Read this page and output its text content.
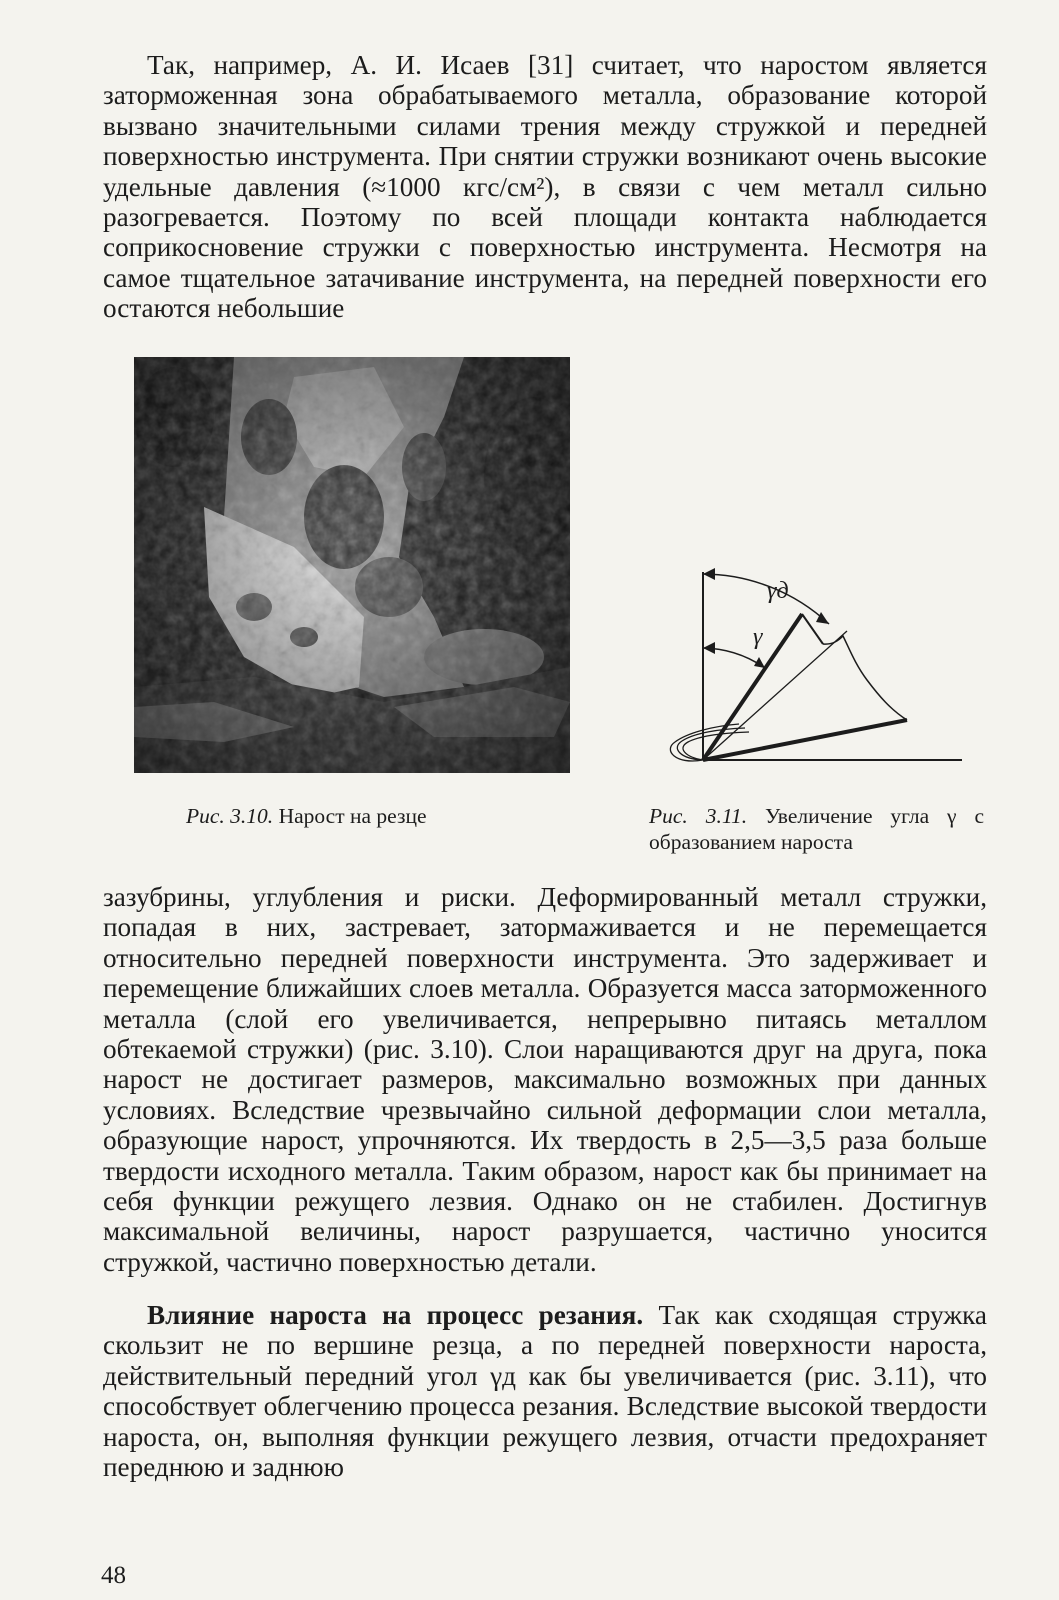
Так, например, А. И. Исаев [31] считает, что наростом является заторможенная зона обрабатываемого металла, образование которой вызвано значительными силами трения между стружкой и передней поверхностью инструмента. При снятии стружки возникают очень высокие удельные давления (≈1000 кгс/см²), в связи с чем металл сильно разогревается. Поэтому по всей площади контакта наблюдается соприкосновение стружки с поверхностью инструмента. Несмотря на самое тщательное затачивание инструмента, на передней поверхности его остаются небольшие

γд
γ
Рис. 3.10. Нарост на резце	Рис. 3.11. Увеличение угла γ с образованием нароста

зазубрины, углубления и риски. Деформированный металл стружки, попадая в них, застревает, затормаживается и не перемещается относительно передней поверхности инструмента. Это задерживает и перемещение ближайших слоев металла. Образуется масса заторможенного металла (слой его увеличивается, непрерывно питаясь металлом обтекаемой стружки) (рис. 3.10). Слои наращиваются друг на друга, пока нарост не достигает размеров, максимально возможных при данных условиях. Вследствие чрезвычайно сильной деформации слои металла, образующие нарост, упрочняются. Их твердость в 2,5—3,5 раза больше твердости исходного металла. Таким образом, нарост как бы принимает на себя функции режущего лезвия. Однако он не стабилен. Достигнув максимальной величины, нарост разрушается, частично уносится стружкой, частично поверхностью детали.

Влияние нароста на процесс резания. Так как сходящая стружка скользит не по вершине резца, а по передней поверхности нароста, действительный передний угол γд как бы увеличивается (рис. 3.11), что способствует облегчению процесса резания. Вследствие высокой твердости нароста, он, выполняя функции режущего лезвия, отчасти предохраняет переднюю и заднюю

48
